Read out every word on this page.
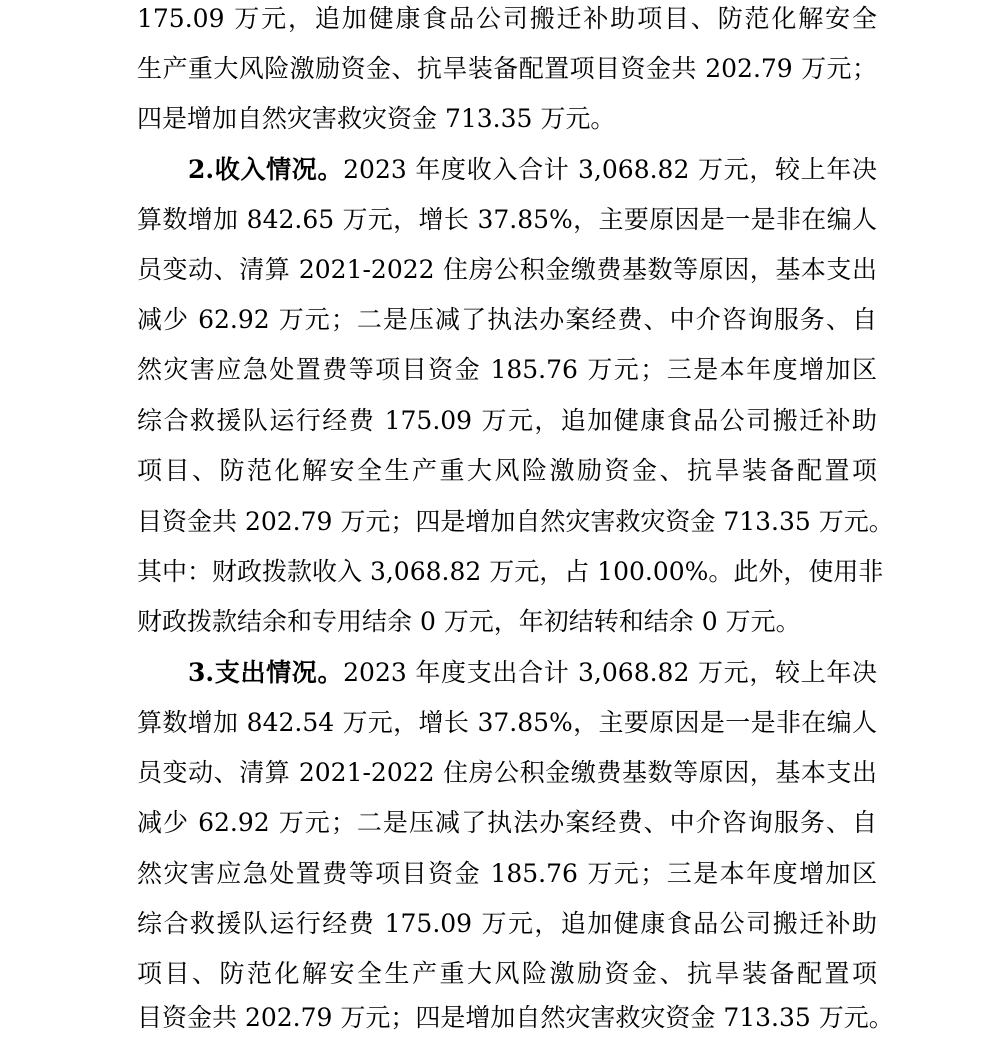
175.09 万元，追加健康食品公司搬迁补助项目、防范化解安全
生产重大风险激励资金、抗旱装备配置项目资金共 202.79 万元；
四是增加自然灾害救灾资金 713.35 万元。
2.收入情况。2023 年度收入合计 3,068.82 万元，较上年决
算数增加 842.65 万元，增长 37.85%，主要原因是一是非在编人
员变动、清算 2021-2022 住房公积金缴费基数等原因，基本支出
减少 62.92 万元；二是压减了执法办案经费、中介咨询服务、自
然灾害应急处置费等项目资金 185.76 万元；三是本年度增加区
综合救援队运行经费 175.09 万元，追加健康食品公司搬迁补助
项目、防范化解安全生产重大风险激励资金、抗旱装备配置项
目资金共 202.79 万元；四是增加自然灾害救灾资金 713.35 万元。
其中：财政拨款收入 3,068.82 万元，占 100.00%。此外，使用非
财政拨款结余和专用结余 0 万元，年初结转和结余 0 万元。
3.支出情况。2023 年度支出合计 3,068.82 万元，较上年决
算数增加 842.54 万元，增长 37.85%，主要原因是一是非在编人
员变动、清算 2021-2022 住房公积金缴费基数等原因，基本支出
减少 62.92 万元；二是压减了执法办案经费、中介咨询服务、自
然灾害应急处置费等项目资金 185.76 万元；三是本年度增加区
综合救援队运行经费 175.09 万元，追加健康食品公司搬迁补助
项目、防范化解安全生产重大风险激励资金、抗旱装备配置项
目资金共 202.79 万元；四是增加自然灾害救灾资金 713.35 万元。
